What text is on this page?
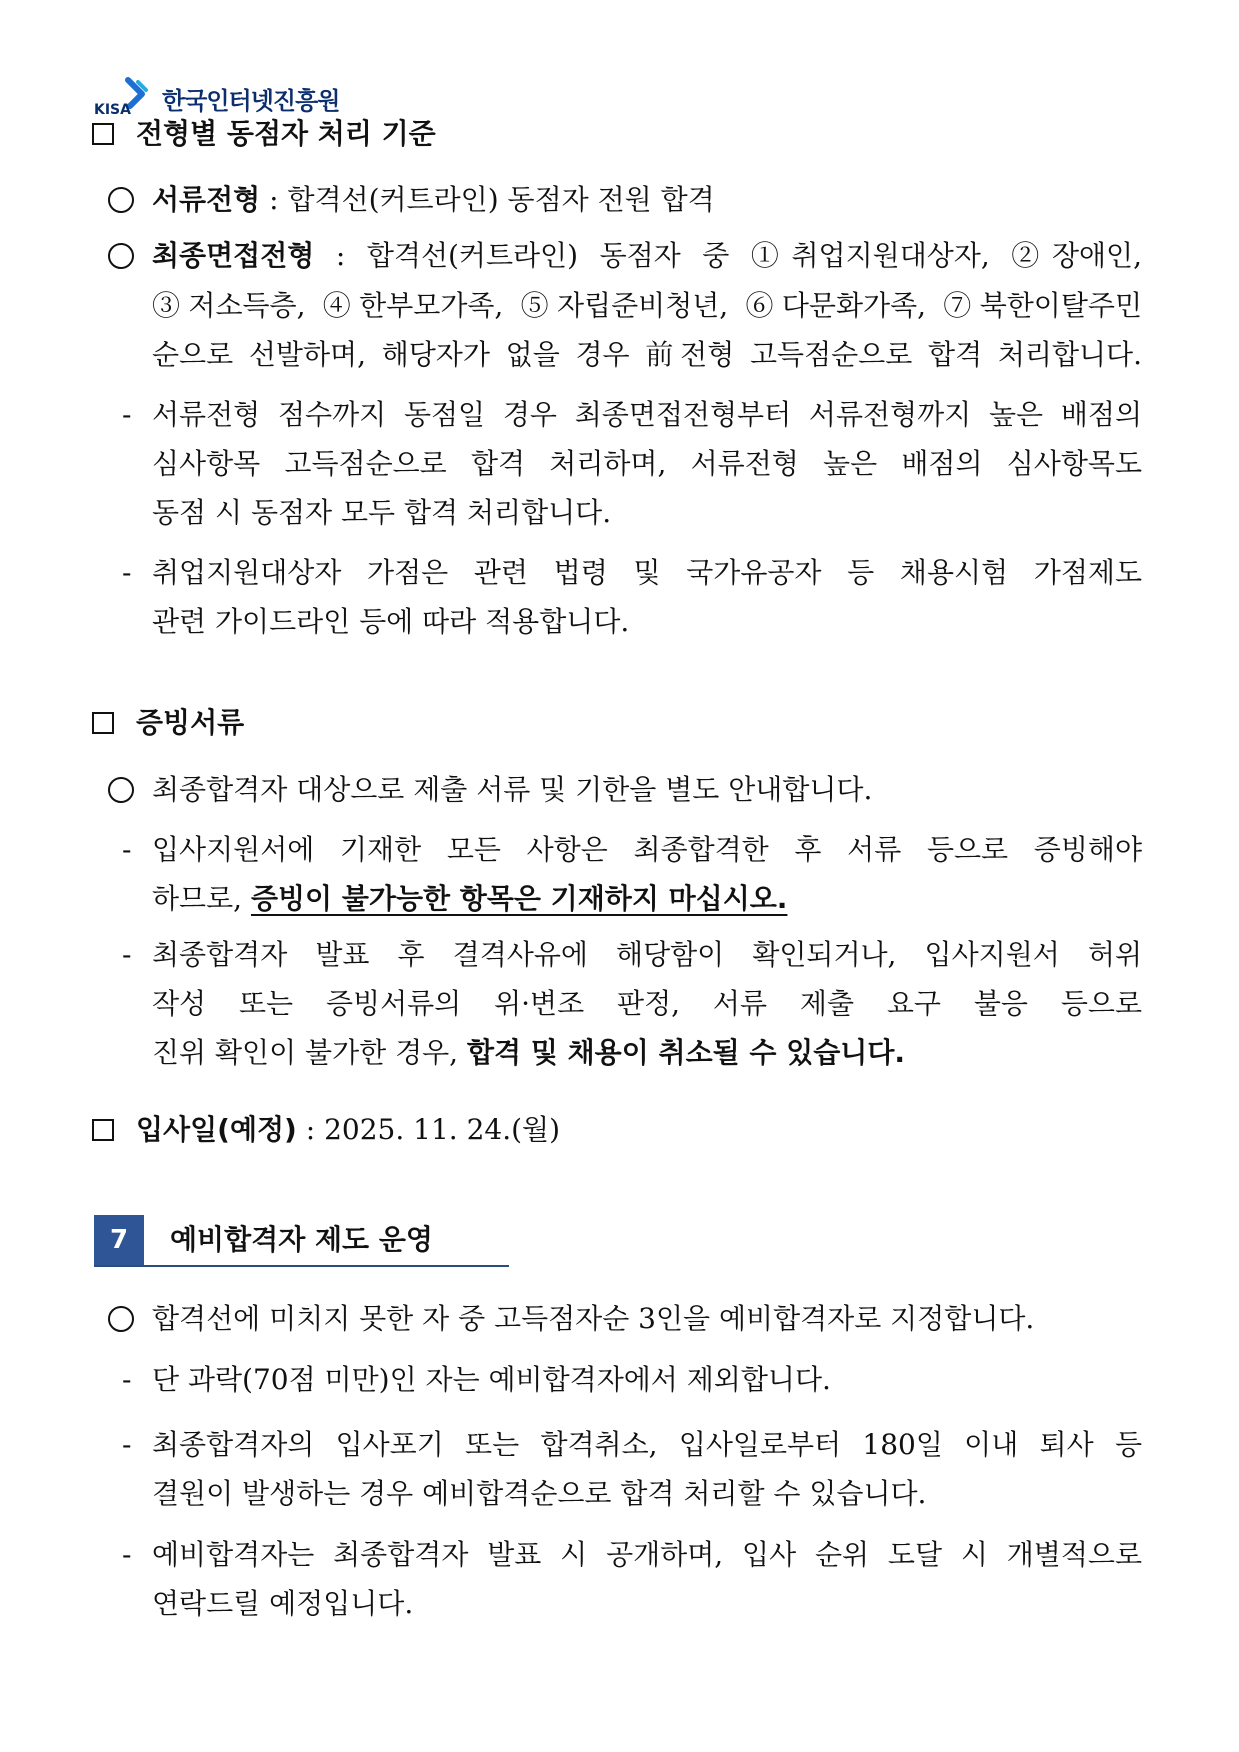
KISA 한국인터넷진흥원
전형별 동점자 처리 기준
서류전형 : 합격선(커트라인) 동점자 전원 합격
최종면접전형 : 합격선(커트라인) 동점자 중 ①취업지원대상자, ②장애인,
③저소득층, ④한부모가족, ⑤자립준비청년, ⑥다문화가족, ⑦북한이탈주민
순으로 선발하며, 해당자가 없을 경우 前전형 고득점순으로 합격 처리합니다.
- 서류전형 점수까지 동점일 경우 최종면접전형부터 서류전형까지 높은 배점의
심사항목 고득점순으로 합격 처리하며, 서류전형 높은 배점의 심사항목도
동점 시 동점자 모두 합격 처리합니다.
- 취업지원대상자 가점은 관련 법령 및 국가유공자 등 채용시험 가점제도
관련 가이드라인 등에 따라 적용합니다.
증빙서류
최종합격자 대상으로 제출 서류 및 기한을 별도 안내합니다.
- 입사지원서에 기재한 모든 사항은 최종합격한 후 서류 등으로 증빙해야
하므로, 증빙이 불가능한 항목은 기재하지 마십시오.
- 최종합격자 발표 후 결격사유에 해당함이 확인되거나, 입사지원서 허위
작성 또는 증빙서류의 위·변조 판정, 서류 제출 요구 불응 등으로
진위 확인이 불가한 경우, 합격 및 채용이 취소될 수 있습니다.
입사일(예정) : 2025. 11. 24.(월)
7	예비합격자 제도 운영
합격선에 미치지 못한 자 중 고득점자순 3인을 예비합격자로 지정합니다.
- 단 과락(70점 미만)인 자는 예비합격자에서 제외합니다.
- 최종합격자의 입사포기 또는 합격취소, 입사일로부터 180일 이내 퇴사 등
결원이 발생하는 경우 예비합격순으로 합격 처리할 수 있습니다.
- 예비합격자는 최종합격자 발표 시 공개하며, 입사 순위 도달 시 개별적으로
연락드릴 예정입니다.
